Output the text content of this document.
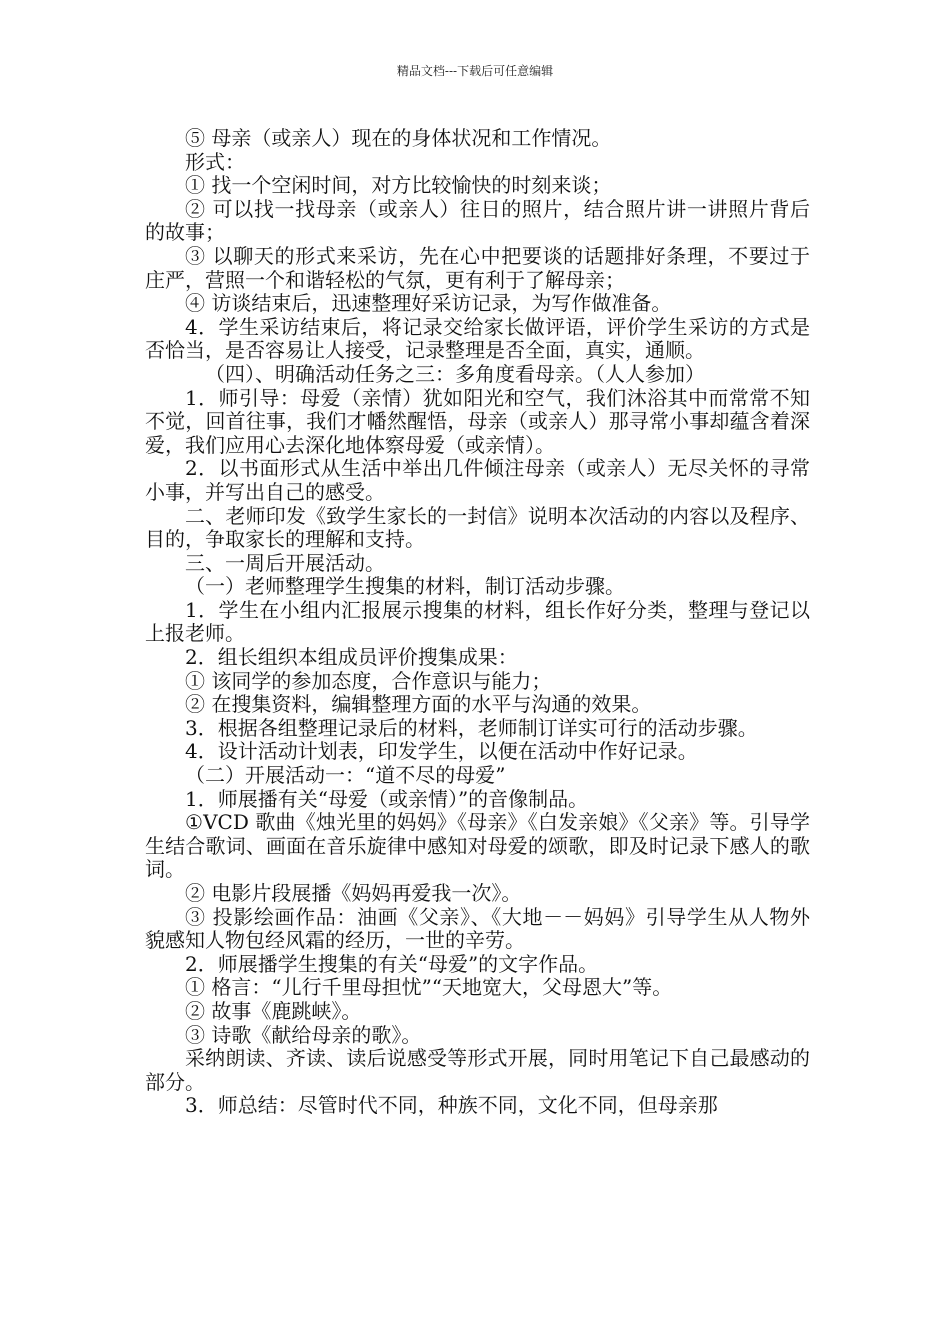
精品文档---下载后可任意编辑

⑤ 母亲（或亲人）现在的身体状况和工作情况。

形式：

① 找一个空闲时间，对方比较愉快的时刻来谈；

② 可以找一找母亲（或亲人）往日的照片，结合照片讲一讲照片背后的故事；

③ 以聊天的形式来采访，先在心中把要谈的话题排好条理，不要过于庄严，营照一个和谐轻松的气氛，更有利于了解母亲；

④ 访谈结束后，迅速整理好采访记录，为写作做准备。

4．学生采访结束后，将记录交给家长做评语，评价学生采访的方式是否恰当，是否容易让人接受，记录整理是否全面，真实，通顺。

（四）、明确活动任务之三：多角度看母亲。（人人参加）

1．师引导：母爱（亲情）犹如阳光和空气，我们沐浴其中而常常不知不觉，回首往事，我们才幡然醒悟，母亲（或亲人）那寻常小事却蕴含着深爱，我们应用心去深化地体察母爱（或亲情）。

2．以书面形式从生活中举出几件倾注母亲（或亲人）无尽关怀的寻常小事，并写出自己的感受。

二、老师印发《致学生家长的一封信》说明本次活动的内容以及程序、目的，争取家长的理解和支持。

三、一周后开展活动。

（一）老师整理学生搜集的材料，制订活动步骤。

1．学生在小组内汇报展示搜集的材料，组长作好分类，整理与登记以上报老师。

2．组长组织本组成员评价搜集成果：

① 该同学的参加态度，合作意识与能力；

② 在搜集资料，编辑整理方面的水平与沟通的效果。

3．根据各组整理记录后的材料，老师制订详实可行的活动步骤。

4．设计活动计划表，印发学生，以便在活动中作好记录。

（二）开展活动一：“道不尽的母爱”

1．师展播有关“母爱（或亲情）”的音像制品。

①VCD 歌曲《烛光里的妈妈》《母亲》《白发亲娘》《父亲》等。引导学生结合歌词、画面在音乐旋律中感知对母爱的颂歌，即及时记录下感人的歌词。

② 电影片段展播《妈妈再爱我一次》。

③ 投影绘画作品：油画《父亲》、《大地－－妈妈》引导学生从人物外貌感知人物包经风霜的经历，一世的辛劳。

2．师展播学生搜集的有关“母爱”的文字作品。

① 格言：“儿行千里母担忧”“天地宽大，父母恩大”等。

② 故事《鹿跳峡》。

③ 诗歌《献给母亲的歌》。

采纳朗读、齐读、读后说感受等形式开展，同时用笔记下自己最感动的部分。

3．师总结：尽管时代不同，种族不同，文化不同，但母亲那
